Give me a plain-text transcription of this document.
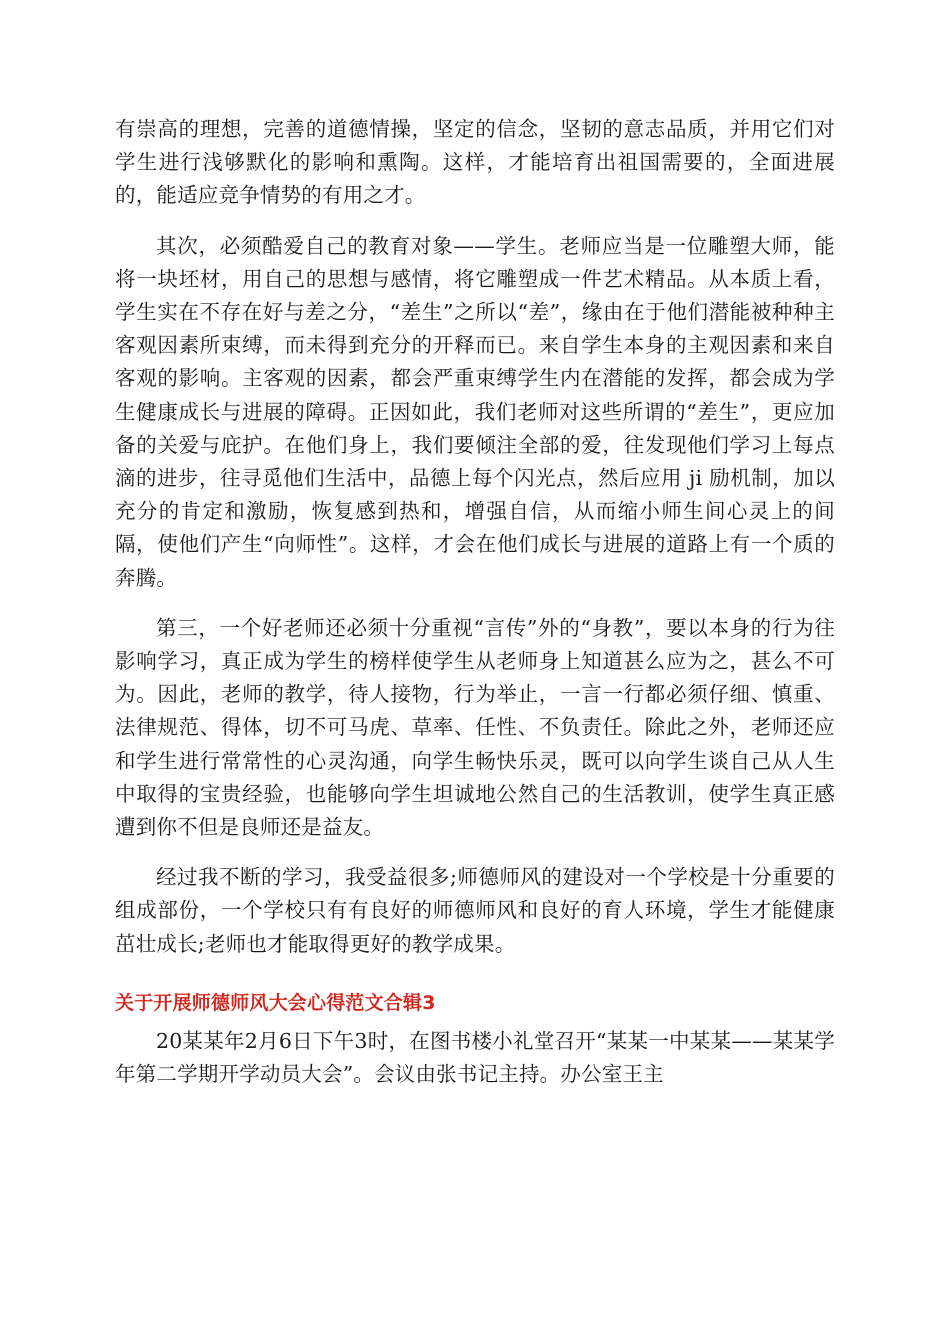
有崇高的理想，完善的道德情操，坚定的信念，坚韧的意志品质，并用它们对学生进行浅够默化的影响和熏陶。这样，才能培育出祖国需要的，全面进展的，能适应竞争情势的有用之才。

其次，必须酷爱自己的教育对象——学生。老师应当是一位雕塑大师，能将一块坯材，用自己的思想与感情，将它雕塑成一件艺术精品。从本质上看，学生实在不存在好与差之分，“差生”之所以“差”，缘由在于他们潜能被种种主客观因素所束缚，而未得到充分的开释而已。来自学生本身的主观因素和来自客观的影响。主客观的因素，都会严重束缚学生内在潜能的发挥，都会成为学生健康成长与进展的障碍。正因如此，我们老师对这些所谓的“差生”，更应加备的关爱与庇护。在他们身上，我们要倾注全部的爱，往发现他们学习上每点滴的进步，往寻觅他们生活中，品德上每个闪光点，然后应用 ji 励机制，加以充分的肯定和激励，恢复感到热和，增强自信，从而缩小师生间心灵上的间隔，使他们产生“向师性”。这样，才会在他们成长与进展的道路上有一个质的奔腾。

第三，一个好老师还必须十分重视“言传”外的“身教”，要以本身的行为往影响学习，真正成为学生的榜样使学生从老师身上知道甚么应为之，甚么不可为。因此，老师的教学，待人接物，行为举止，一言一行都必须仔细、慎重、法律规范、得体，切不可马虎、草率、任性、不负责任。除此之外，老师还应和学生进行常常性的心灵沟通，向学生畅快乐灵，既可以向学生谈自己从人生中取得的宝贵经验，也能够向学生坦诚地公然自己的生活教训，使学生真正感遭到你不但是良师还是益友。

经过我不断的学习，我受益很多;师德师风的建设对一个学校是十分重要的组成部份，一个学校只有有良好的师德师风和良好的育人环境，学生才能健康茁壮成长;老师也才能取得更好的教学成果。

关于开展师德师风大会心得范文合辑3

20某某年2月6日下午3时，在图书楼小礼堂召开“某某一中某某——某某学年第二学期开学动员大会”。会议由张书记主持。办公室王主
